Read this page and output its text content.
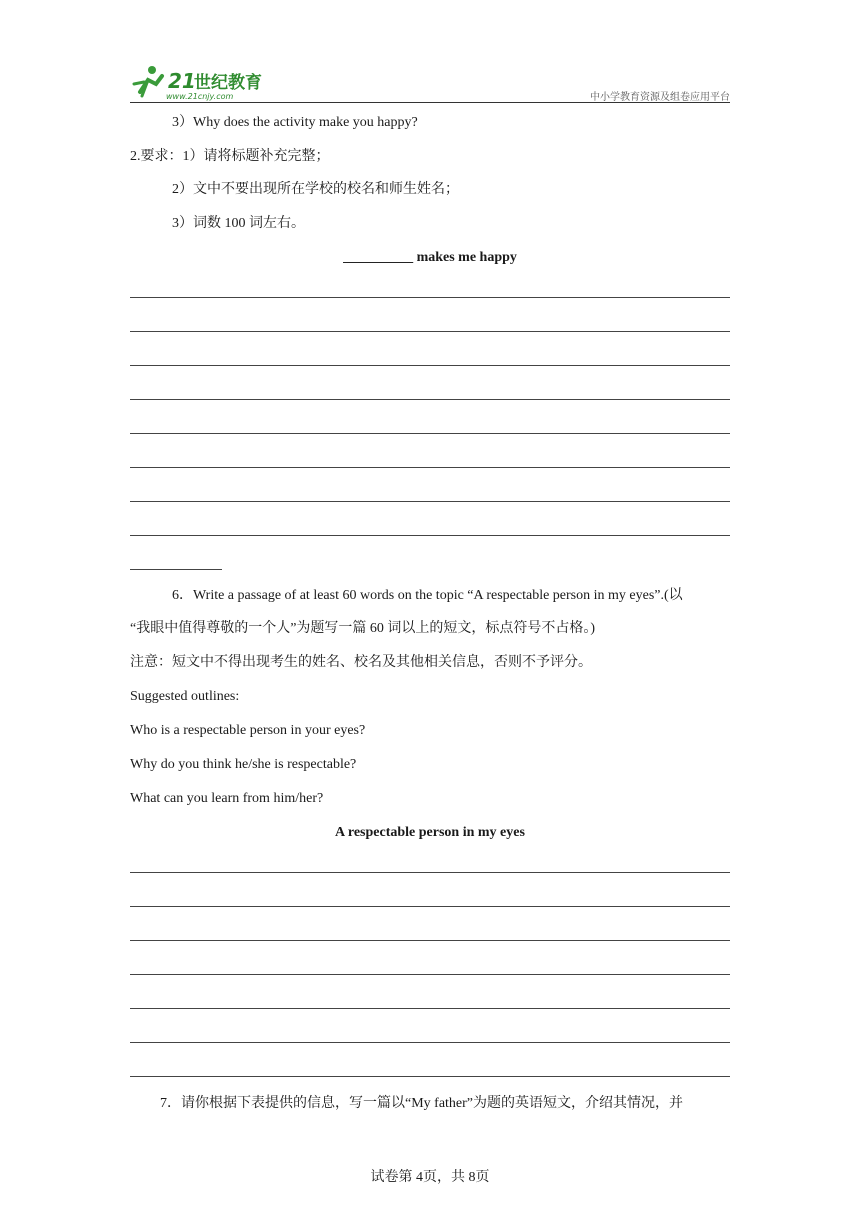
21
世纪教育
www.21cnjy.com	中小学教育资源及组卷应用平台
3）Why does the activity make you happy?
2.要求：1）请将标题补充完整；
2）文中不要出现所在学校的校名和师生姓名；
3）词数 100 词左右。
__________ makes me happy
6．Write a passage of at least 60 words on the topic “A respectable person in my eyes”.(以
“我眼中值得尊敬的一个人”为题写一篇 60 词以上的短文，标点符号不占格。)
注意：短文中不得出现考生的姓名、校名及其他相关信息，否则不予评分。
Suggested outlines:
Who is a respectable person in your eyes?
Why do you think he/she is respectable?
What can you learn from him/her?
A respectable person in my eyes
7．请你根据下表提供的信息，写一篇以“My father”为题的英语短文，介绍其情况，并
试卷第 4页，共 8页
